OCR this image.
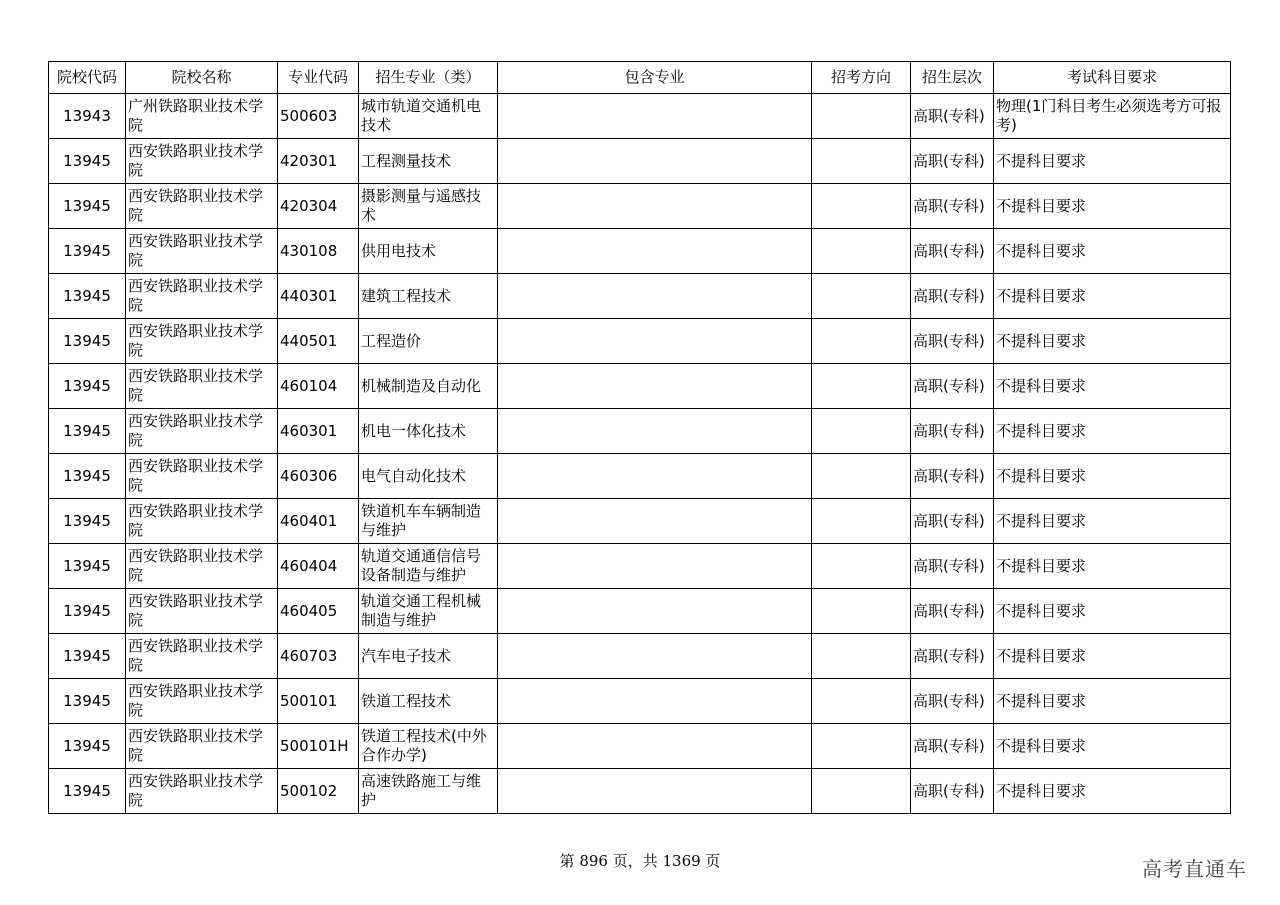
院校代码	院校名称	专业代码	招生专业（类）	包含专业	招考方向	招生层次	考试科目要求

13943	广州铁路职业技术学院	500603	城市轨道交通机电技术			高职(专科)	物理(1门科目考生必须选考方可报考)

13945	西安铁路职业技术学院	420301	工程测量技术			高职(专科)	不提科目要求

13945	西安铁路职业技术学院	420304	摄影测量与遥感技术			高职(专科)	不提科目要求

13945	西安铁路职业技术学院	430108	供用电技术			高职(专科)	不提科目要求

13945	西安铁路职业技术学院	440301	建筑工程技术			高职(专科)	不提科目要求

13945	西安铁路职业技术学院	440501	工程造价			高职(专科)	不提科目要求

13945	西安铁路职业技术学院	460104	机械制造及自动化			高职(专科)	不提科目要求

13945	西安铁路职业技术学院	460301	机电一体化技术			高职(专科)	不提科目要求

13945	西安铁路职业技术学院	460306	电气自动化技术			高职(专科)	不提科目要求

13945	西安铁路职业技术学院	460401	铁道机车车辆制造与维护			高职(专科)	不提科目要求

13945	西安铁路职业技术学院	460404	轨道交通通信信号设备制造与维护			高职(专科)	不提科目要求

13945	西安铁路职业技术学院	460405	轨道交通工程机械制造与维护			高职(专科)	不提科目要求

13945	西安铁路职业技术学院	460703	汽车电子技术			高职(专科)	不提科目要求

13945	西安铁路职业技术学院	500101	铁道工程技术			高职(专科)	不提科目要求

13945	西安铁路职业技术学院	500101H	铁道工程技术(中外合作办学)			高职(专科)	不提科目要求

13945	西安铁路职业技术学院	500102	高速铁路施工与维护			高职(专科)	不提科目要求
第 896 页，共 1369 页	高考直通车
